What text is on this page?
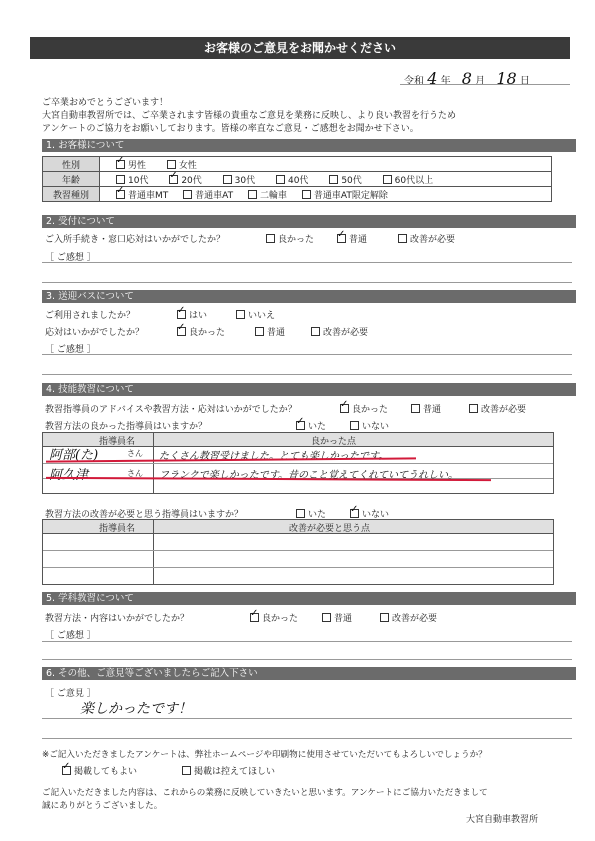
お客様のご意見をお聞かせください
令和 4 年 8 月 18 日
ご卒業おめでとうございます！
大宮自動車教習所では、ご卒業されます皆様の貴重なご意見を業務に反映し、より良い教習を行うため
アンケートのご協力をお願いしております。皆様の率直なご意見・ご感想をお聞かせ下さい。
1. お客様について
性別	✓男性 女性
年齢	10代 ✓ 20代 30代 40代 50代 60代以上
教習種別	✓普通車MT 普通車AT 二輪車 普通車AT限定解除
2. 受付について
ご入所手続き・窓口応対はいかがでしたか？	良かった ✓	普通	改善が必要
［ ご感想 ］
3. 送迎バスについて
ご利用されましたか？ ✓	はい	いいえ
応対はいかがでしたか？ ✓	良かった	普通	改善が必要
［ ご感想 ］
4. 技能教習について
教習指導員のアドバイスや教習方法・応対はいかがでしたか？ ✓	良かった	普通	改善が必要
教習方法の良かった指導員はいますか？ ✓	いた	いない
指導員名	良かった点
阿部(た)	さん たくさん教習受けました。とても楽しかったです。
阿久津	さん フランクで楽しかったです。昔のこと覚えてくれていてうれしい。
教習方法の改善が必要と思う指導員はいますか？	いた ✓	いない
指導員名	改善が必要と思う点
5. 学科教習について
教習方法・内容はいかがでしたか？ ✓	良かった	普通	改善が必要
［ ご感想 ］
6. その他、ご意見等ございましたらご記入下さい
［ ご意見 ］
楽しかったです！
※ご記入いただきましたアンケートは、弊社ホームページや印刷物に使用させていただいてもよろしいでしょうか？
✓掲載してもよい	掲載は控えてほしい
ご記入いただきました内容は、これからの業務に反映していきたいと思います。アンケートにご協力いただきまして
誠にありがとうございました。
大宮自動車教習所
